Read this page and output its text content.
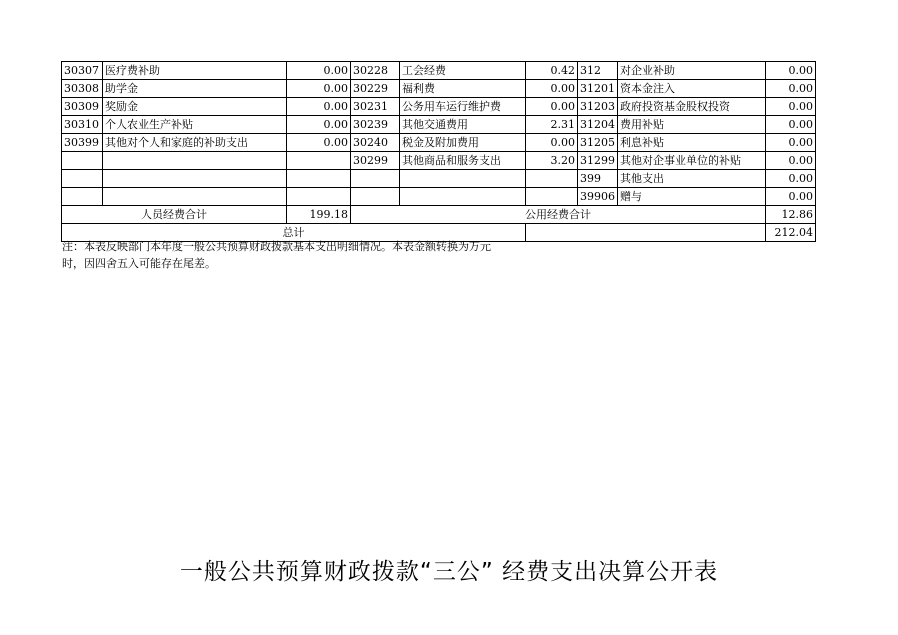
30307	医疗费补助	0.00	30228	工会经费	0.42	312	对企业补助	0.00
30308	助学金	0.00	30229	福利费	0.00	31201	资本金注入	0.00
30309	奖励金	0.00	30231	公务用车运行维护费	0.00	31203	政府投资基金股权投资	0.00
30310	个人农业生产补贴	0.00	30239	其他交通费用	2.31	31204	费用补贴	0.00
30399	其他对个人和家庭的补助支出	0.00	30240	税金及附加费用	0.00	31205	利息补贴	0.00
			30299	其他商品和服务支出	3.20	31299	其他对企事业单位的补贴	0.00
						399	其他支出	0.00
						39906	赠与	0.00
人员经费合计		199.18	公用经费合计					12.86
总计								212.04
注：本表反映部门本年度一般公共预算财政拨款基本支出明细情况。本表金额转换为万元
时，因四舍五入可能存在尾差。
一般公共预算财政拨款“三公” 经费支出决算公开表
